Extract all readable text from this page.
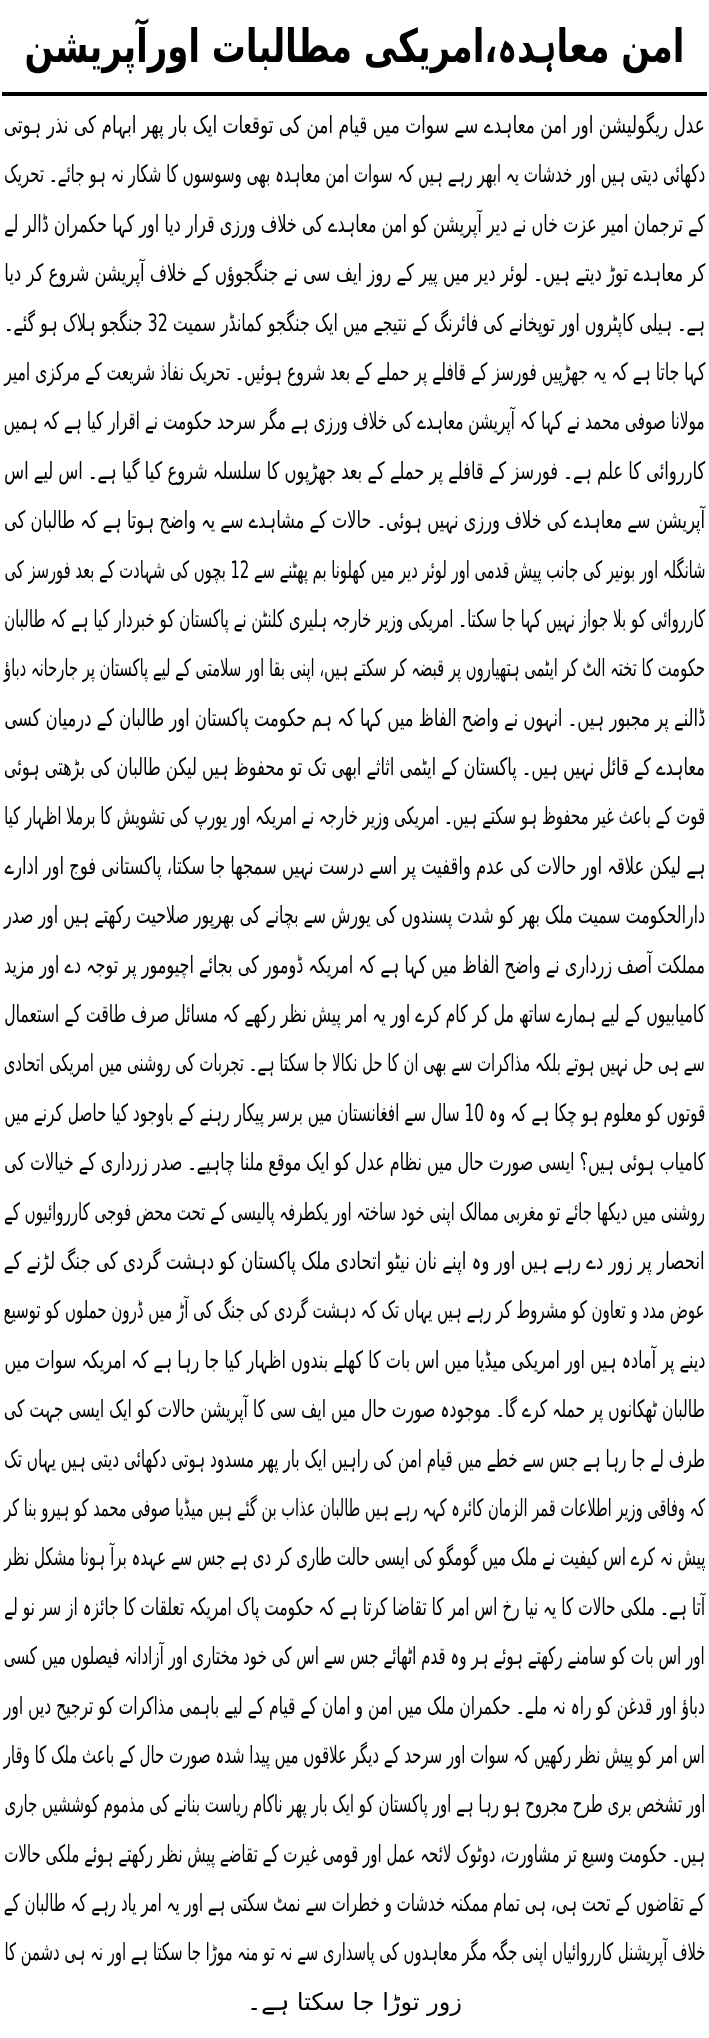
امن معاہدہ،امریکی مطالبات اورآپریشن
عدل ریگولیشن اور امن معاہدے سے سوات میں قیام امن کی توقعات ایک بار پھر ابہام کی نذر ہوتی
دکھائی دیتی ہیں اور خدشات یہ ابھر رہے ہیں کہ سوات امن معاہدہ بھی وسوسوں کا شکار نہ ہو جائے۔ تحریک
کے ترجمان امیر عزت خاں نے دیر آپریشن کو امن معاہدے کی خلاف ورزی قرار دیا اور کہا حکمران ڈالر لے
کر معاہدے توڑ دیتے ہیں۔ لوئر دیر میں پیر کے روز ایف سی نے جنگجوؤں کے خلاف آپریشن شروع کر دیا
ہے۔ ہیلی کاپٹروں اور توپخانے کی فائرنگ کے نتیجے میں ایک جنگجو کمانڈر سمیت 32 جنگجو ہلاک ہو گئے۔
کہا جاتا ہے کہ یہ جھڑپیں فورسز کے قافلے پر حملے کے بعد شروع ہوئیں۔ تحریک نفاذ شریعت کے مرکزی امیر
مولانا صوفی محمد نے کہا کہ آپریشن معاہدے کی خلاف ورزی ہے مگر سرحد حکومت نے اقرار کیا ہے کہ ہمیں
کارروائی کا علم ہے۔ فورسز کے قافلے پر حملے کے بعد جھڑپوں کا سلسلہ شروع کیا گیا ہے۔ اس لیے اس
آپریشن سے معاہدے کی خلاف ورزی نہیں ہوئی۔ حالات کے مشاہدے سے یہ واضح ہوتا ہے کہ طالبان کی
شانگلہ اور بونیر کی جانب پیش قدمی اور لوئر دیر میں کھلونا بم پھٹنے سے 12 بچوں کی شہادت کے بعد فورسز کی
کارروائی کو بلا جواز نہیں کہا جا سکتا۔ امریکی وزیر خارجہ ہلیری کلنٹن نے پاکستان کو خبردار کیا ہے کہ طالبان
حکومت کا تختہ الٹ کر ایٹمی ہتھیاروں پر قبضہ کر سکتے ہیں، اپنی بقا اور سلامتی کے لیے پاکستان پر جارحانہ دباؤ
ڈالنے پر مجبور ہیں۔ انہوں نے واضح الفاظ میں کہا کہ ہم حکومت پاکستان اور طالبان کے درمیان کسی
معاہدے کے قائل نہیں ہیں۔ پاکستان کے ایٹمی اثاثے ابھی تک تو محفوظ ہیں لیکن طالبان کی بڑھتی ہوئی
قوت کے باعث غیر محفوظ ہو سکتے ہیں۔ امریکی وزیر خارجہ نے امریکہ اور یورپ کی تشویش کا برملا اظہار کیا
ہے لیکن علاقہ اور حالات کی عدم واقفیت پر اسے درست نہیں سمجھا جا سکتا، پاکستانی فوج اور ادارے
دارالحکومت سمیت ملک بھر کو شدت پسندوں کی یورش سے بچانے کی بھرپور صلاحیت رکھتے ہیں اور صدر
مملکت آصف زرداری نے واضح الفاظ میں کہا ہے کہ امریکہ ڈومور کی بجائے اچیومور پر توجہ دے اور مزید
کامیابیوں کے لیے ہمارے ساتھ مل کر کام کرے اور یہ امر پیش نظر رکھے کہ مسائل صرف طاقت کے استعمال
سے ہی حل نہیں ہوتے بلکہ مذاکرات سے بھی ان کا حل نکالا جا سکتا ہے۔ تجربات کی روشنی میں امریکی اتحادی
قوتوں کو معلوم ہو چکا ہے کہ وہ 10 سال سے افغانستان میں برسر پیکار رہنے کے باوجود کیا حاصل کرنے میں
کامیاب ہوئی ہیں؟ ایسی صورت حال میں نظام عدل کو ایک موقع ملنا چاہیے۔ صدر زرداری کے خیالات کی
روشنی میں دیکھا جائے تو مغربی ممالک اپنی خود ساختہ اور یکطرفہ پالیسی کے تحت محض فوجی کارروائیوں کے
انحصار پر زور دے رہے ہیں اور وہ اپنے نان نیٹو اتحادی ملک پاکستان کو دہشت گردی کی جنگ لڑنے کے
عوض مدد و تعاون کو مشروط کر رہے ہیں یہاں تک کہ دہشت گردی کی جنگ کی آڑ میں ڈرون حملوں کو توسیع
دینے پر آمادہ ہیں اور امریکی میڈیا میں اس بات کا کھلے بندوں اظہار کیا جا رہا ہے کہ امریکہ سوات میں
طالبان ٹھکانوں پر حملہ کرے گا۔ موجودہ صورت حال میں ایف سی کا آپریشن حالات کو ایک ایسی جہت کی
طرف لے جا رہا ہے جس سے خطے میں قیام امن کی راہیں ایک بار پھر مسدود ہوتی دکھائی دیتی ہیں یہاں تک
کہ وفاقی وزیر اطلاعات قمر الزمان کائرہ کہہ رہے ہیں طالبان عذاب بن گئے ہیں میڈیا صوفی محمد کو ہیرو بنا کر
پیش نہ کرے اس کیفیت نے ملک میں گومگو کی ایسی حالت طاری کر دی ہے جس سے عہدہ برآ ہونا مشکل نظر
آتا ہے۔ ملکی حالات کا یہ نیا رخ اس امر کا تقاضا کرتا ہے کہ حکومت پاک امریکہ تعلقات کا جائزہ از سر نو لے
اور اس بات کو سامنے رکھتے ہوئے ہر وہ قدم اٹھائے جس سے اس کی خود مختاری اور آزادانہ فیصلوں میں کسی
دباؤ اور قدغن کو راہ نہ ملے۔ حکمران ملک میں امن و امان کے قیام کے لیے باہمی مذاکرات کو ترجیح دیں اور
اس امر کو پیش نظر رکھیں کہ سوات اور سرحد کے دیگر علاقوں میں پیدا شدہ صورت حال کے باعث ملک کا وقار
اور تشخص بری طرح مجروح ہو رہا ہے اور پاکستان کو ایک بار پھر ناکام ریاست بنانے کی مذموم کوششیں جاری
ہیں۔ حکومت وسیع تر مشاورت، دوٹوک لائحہ عمل اور قومی غیرت کے تقاضے پیش نظر رکھتے ہوئے ملکی حالات
کے تقاضوں کے تحت ہی، ہی تمام ممکنہ خدشات و خطرات سے نمٹ سکتی ہے اور یہ امر یاد رہے کہ طالبان کے
خلاف آپریشنل کارروائیاں اپنی جگہ مگر معاہدوں کی پاسداری سے نہ تو منہ موڑا جا سکتا ہے اور نہ ہی دشمن کا
زور توڑا جا سکتا ہے۔
